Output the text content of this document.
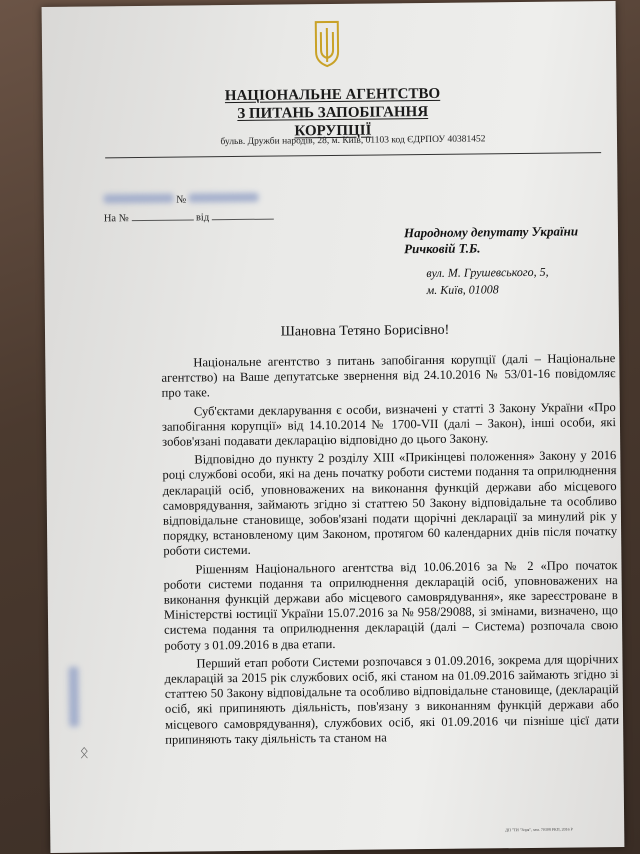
НАЦІОНАЛЬНЕ АГЕНТСТВО
З ПИТАНЬ ЗАПОБІГАННЯ КОРУПЦІЇ
бульв. Дружби народів, 28, м. Київ, 01103 код ЄДРПОУ 40381452
№
На №	від
Народному депутату України
Ричковій Т.Б.
вул. М. Грушевського, 5,
м. Київ, 01008
Шановна Тетяно Борисівно!

Національне агентство з питань запобігання корупції (далі – Національне агентство) на Ваше депутатське звернення від 24.10.2016 № 53/01-16 повідомляє про таке.

Суб'єктами декларування є особи, визначені у статті 3 Закону України «Про запобігання корупції» від 14.10.2014 № 1700-VII (далі – Закон), інші особи, які зобов'язані подавати декларацію відповідно до цього Закону.

Відповідно до пункту 2 розділу XIII «Прикінцеві положення» Закону у 2016 році службові особи, які на день початку роботи системи подання та оприлюднення декларацій осіб, уповноважених на виконання функцій держави або місцевого самоврядування, займають згідно зі статтею 50 Закону відповідальне та особливо відповідальне становище, зобов'язані подати щорічні декларації за минулий рік у порядку, встановленому цим Законом, протягом 60 календарних днів після початку роботи системи.

Рішенням Національного агентства від 10.06.2016 за № 2 «Про початок роботи системи подання та оприлюднення декларацій осіб, уповноважених на виконання функцій держави або місцевого самоврядування», яке зареєстроване в Міністерстві юстиції України 15.07.2016 за № 958/29088, зі змінами, визначено, що система подання та оприлюднення декларацій (далі – Система) розпочала свою роботу з 01.09.2016 в два етапи.

Перший етап роботи Системи розпочався з 01.09.2016, зокрема для щорічних декларацій за 2015 рік службових осіб, які станом на 01.09.2016 займають згідно зі статтею 50 Закону відповідальне та особливо відповідальне становище, (декларацій осіб, які припиняють діяльність, пов'язану з виконанням функцій держави або місцевого самоврядування), службових осіб, які 01.09.2016 чи пізніше цієї дати припиняють таку діяльність та станом на

ᛟ
ДП "ТИ "Зоря", зам. 70308 РКП, 2016 Р
